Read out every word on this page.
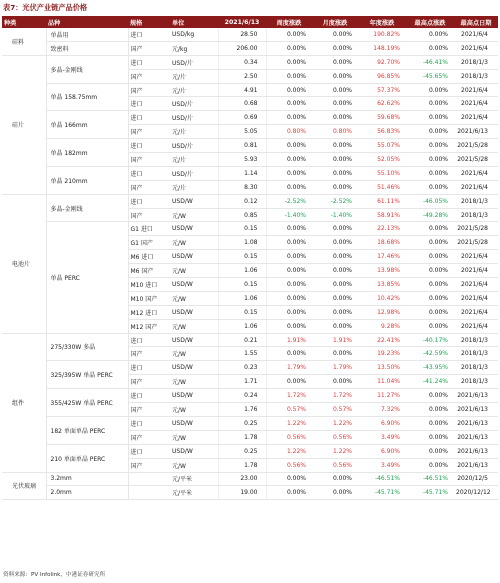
表7：光伏产业链产品价格
种类	品种	规格	单位	2021/6/13	周度涨跌	月度涨跌	年度涨跌	最高点涨跌	最高点日期
硅料	单晶用	进口	USD/kg	28.50	0.00%	0.00%	190.82%	0.00%	2021/6/4
	致密料	国产	元/kg	206.00	0.00%	0.00%	148.19%	0.00%	2021/6/4
硅片	多晶-金刚线	进口	USD/片	0.34	0.00%	0.00%	92.70%	-46.41%	2018/1/3
		国产	元/片	2.50	0.00%	0.00%	96.85%	-45.65%	2018/1/3
	单晶 158.75mm	国产	元/片	4.91	0.00%	0.00%	57.37%	0.00%	2021/6/4
		进口	USD/片	0.68	0.00%	0.00%	62.62%	0.00%	2021/6/4
	单晶 166mm	进口	USD/片	0.69	0.00%	0.00%	59.68%	0.00%	2021/6/4
		国产	元/片	5.05	0.80%	0.80%	56.83%	0.00%	2021/6/13
	单晶 182mm	进口	USD/片	0.81	0.00%	0.00%	55.07%	0.00%	2021/5/28
		国产	元/片	5.93	0.00%	0.00%	52.05%	0.00%	2021/5/28
	单晶 210mm	进口	USD/片	1.14	0.00%	0.00%	55.10%	0.00%	2021/6/4
		国产	元/片	8.30	0.00%	0.00%	51.46%	0.00%	2021/6/4
电池片	多晶-金刚线	进口	USD/W	0.12	-2.52%	-2.52%	61.11%	-46.05%	2018/1/3
		国产	元/W	0.85	-1.40%	-1.40%	58.91%	-49.28%	2018/1/3
	单晶 PERC	G1 进口	USD/W	0.15	0.00%	0.00%	22.13%	0.00%	2021/5/28
		G1 国产	元/W	1.08	0.00%	0.00%	18.68%	0.00%	2021/5/28
		M6 进口	USD/W	0.15	0.00%	0.00%	17.46%	0.00%	2021/6/4
		M6 国产	元/W	1.06	0.00%	0.00%	13.98%	0.00%	2021/6/4
		M10 进口	USD/W	0.15	0.00%	0.00%	13.85%	0.00%	2021/6/4
		M10 国产	元/W	1.06	0.00%	0.00%	10.42%	0.00%	2021/6/4
		M12 进口	USD/W	0.15	0.00%	0.00%	12.98%	0.00%	2021/6/4
		M12 国产	元/W	1.06	0.00%	0.00%	9.28%	0.00%	2021/6/4
组件	275/330W 多晶	进口	USD/W	0.21	1.91%	1.91%	22.41%	-40.17%	2018/1/3
		国产	元/W	1.55	0.00%	0.00%	19.23%	-42.59%	2018/1/3
	325/395W 单晶 PERC	进口	USD/W	0.23	1.79%	1.79%	13.50%	-43.95%	2018/1/3
		国产	元/W	1.71	0.00%	0.00%	11.04%	-41.24%	2018/1/3
	355/425W 单晶 PERC	进口	USD/W	0.24	1.72%	1.72%	11.27%	0.00%	2021/6/13
		国产	元/W	1.76	0.57%	0.57%	7.32%	0.00%	2021/6/13
	182 单面单晶 PERC	进口	USD/W	0.25	1.22%	1.22%	6.90%	0.00%	2021/6/13
		国产	元/W	1.78	0.56%	0.56%	3.49%	0.00%	2021/6/13
	210 单面单晶 PERC	进口	USD/W	0.25	1.22%	1.22%	6.90%	0.00%	2021/6/13
		国产	元/W	1.78	0.56%	0.56%	3.49%	0.00%	2021/6/13
光伏玻璃	3.2mm		元/平米	23.00	0.00%	0.00%	-46.51%	-46.51%	2020/12/5
	2.0mm		元/平米	19.00	0.00%	0.00%	-45.71%	-45.71%	2020/12/12
资料来源：PV Infolink，中港证券研究所
